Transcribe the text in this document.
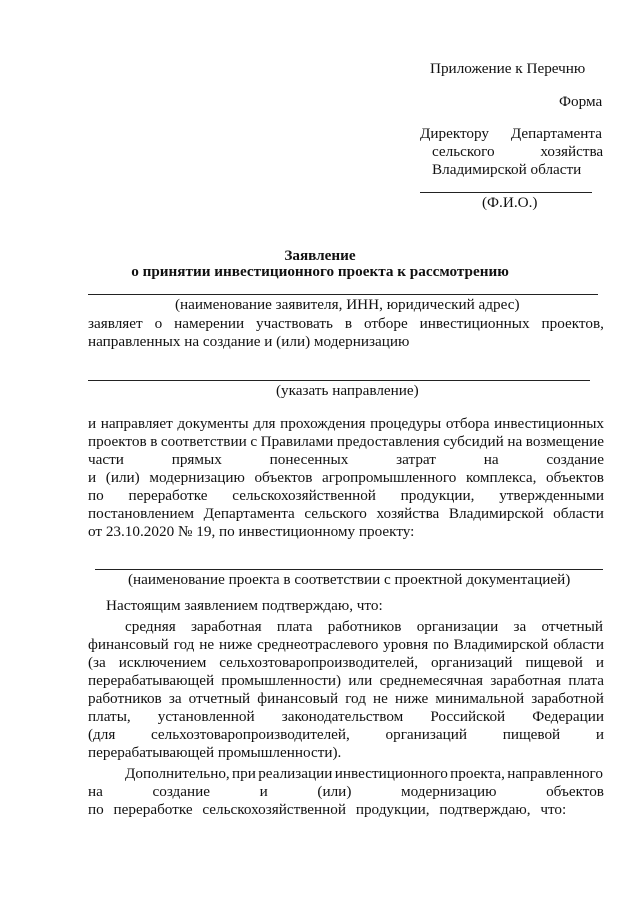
Приложение к Перечню
Форма
Директору Департамента
сельского хозяйства
Владимирской области
(Ф.И.О.)
Заявление
о принятии инвестиционного проекта к рассмотрению
(наименование заявителя, ИНН, юридический адрес)
заявляет о намерении участвовать в отборе инвестиционных проектов,
направленных на создание и (или) модернизацию
(указать направление)
и направляет документы для прохождения процедуры отбора инвестиционных
проектов в соответствии с Правилами предоставления субсидий на возмещение
части	прямых	понесенных	затрат	на	создание
и (или) модернизацию объектов агропромышленного комплекса, объектов
по переработке сельскохозяйственной продукции, утвержденными
постановлением Департамента сельского хозяйства Владимирской области
от 23.10.2020 № 19, по инвестиционному проекту:
(наименование проекта в соответствии с проектной документацией)
Настоящим заявлением подтверждаю, что:
средняя заработная плата работников организации за отчетный
финансовый год не ниже среднеотраслевого уровня по Владимирской области
(за исключением сельхозтоваропроизводителей, организаций пищевой и
перерабатывающей промышленности) или среднемесячная заработная плата
работников за отчетный финансовый год не ниже минимальной заработной
платы, установленной законодательством Российской Федерации
(для сельхозтоваропроизводителей, организаций пищевой и
перерабатывающей промышленности).
Дополнительно, при реализации инвестиционного проекта, направленного
на	создание	и	(или)	модернизацию	объектов
по переработке сельскохозяйственной продукции, подтверждаю, что:
